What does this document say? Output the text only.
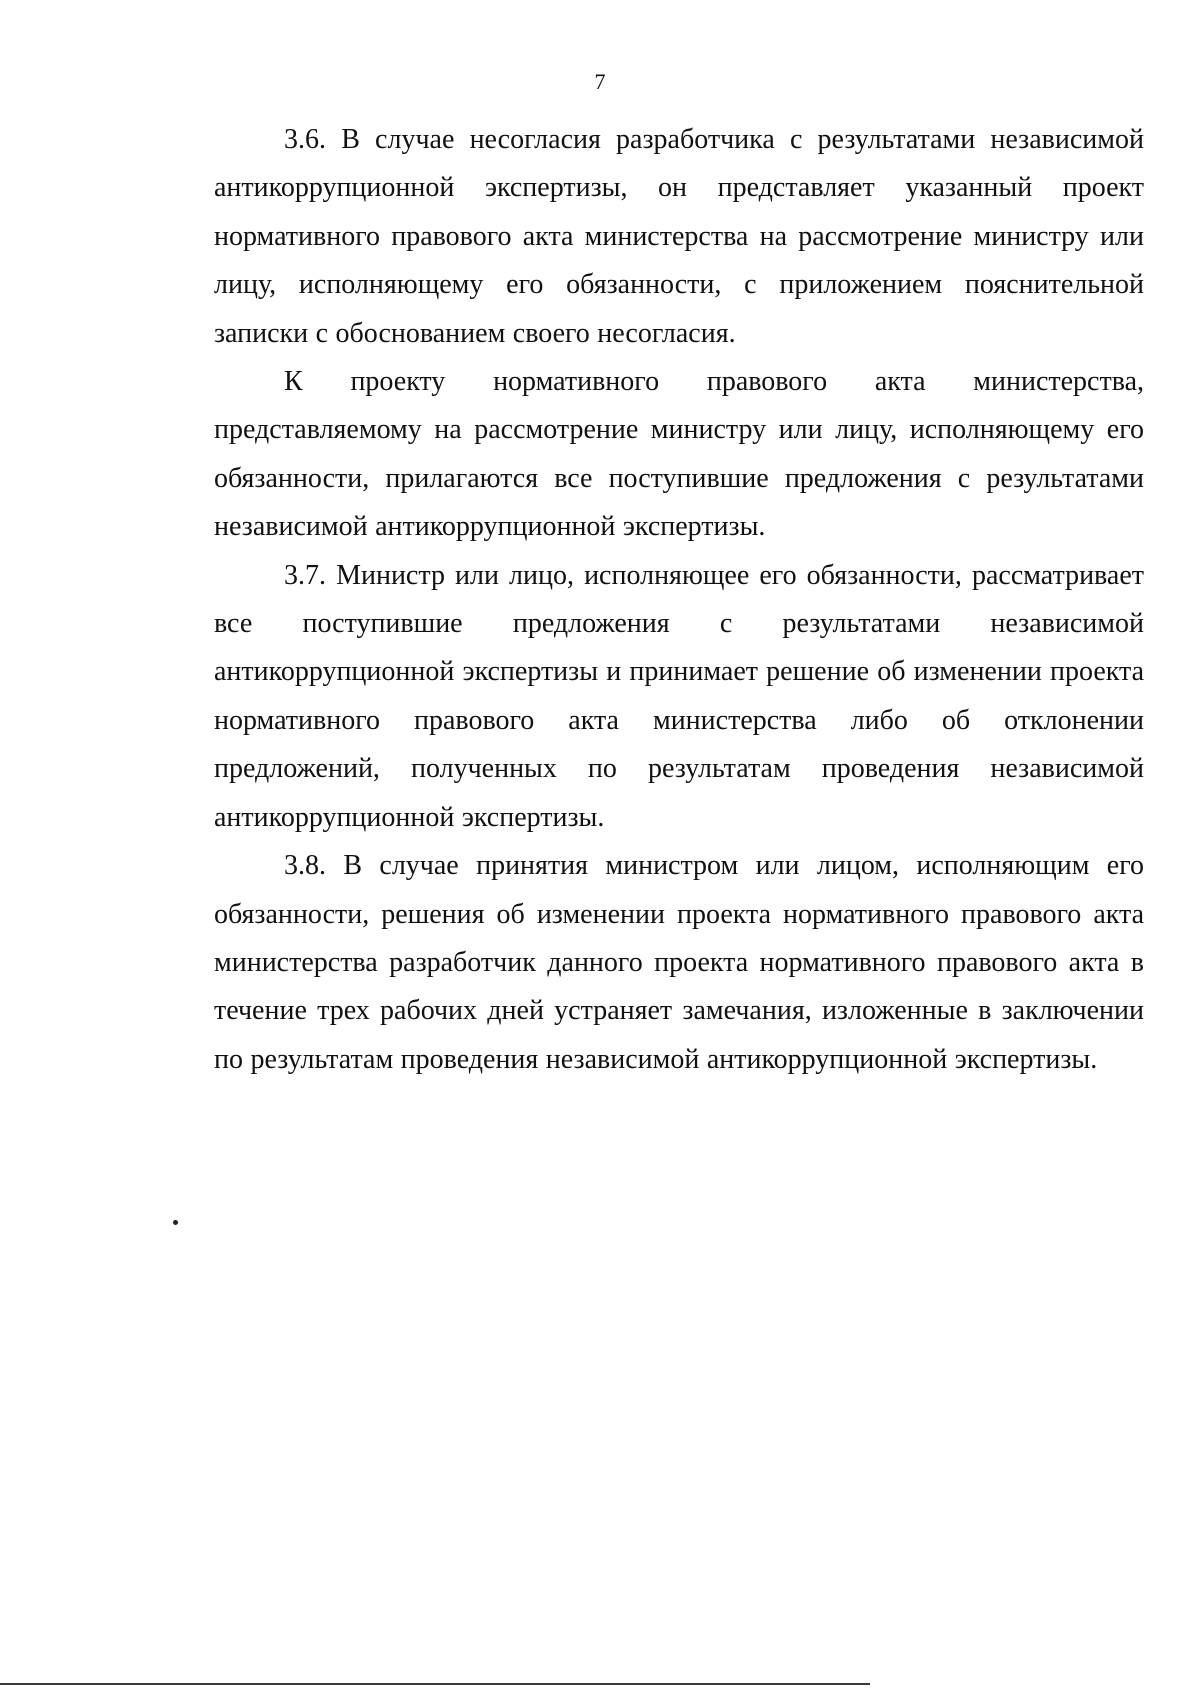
7

3.6. В случае несогласия разработчика с результатами независимой антикоррупционной экспертизы, он представляет указанный проект нормативного правового акта министерства на рассмотрение министру или лицу, исполняющему его обязанности, с приложением пояснительной записки с обоснованием своего несогласия.

К проекту нормативного правового акта министерства, представляемому на рассмотрение министру или лицу, исполняющему его обязанности, прилагаются все поступившие предложения с результатами независимой антикоррупционной экспертизы.

3.7. Министр или лицо, исполняющее его обязанности, рассматривает все поступившие предложения с результатами независимой антикоррупционной экспертизы и принимает решение об изменении проекта нормативного правового акта министерства либо об отклонении предложений, полученных по результатам проведения независимой антикоррупционной экспертизы.

3.8. В случае принятия министром или лицом, исполняющим его обязанности, решения об изменении проекта нормативного правового акта министерства разработчик данного проекта нормативного правового акта в течение трех рабочих дней устраняет замечания, изложенные в заключении по результатам проведения независимой антикоррупционной экспертизы.
